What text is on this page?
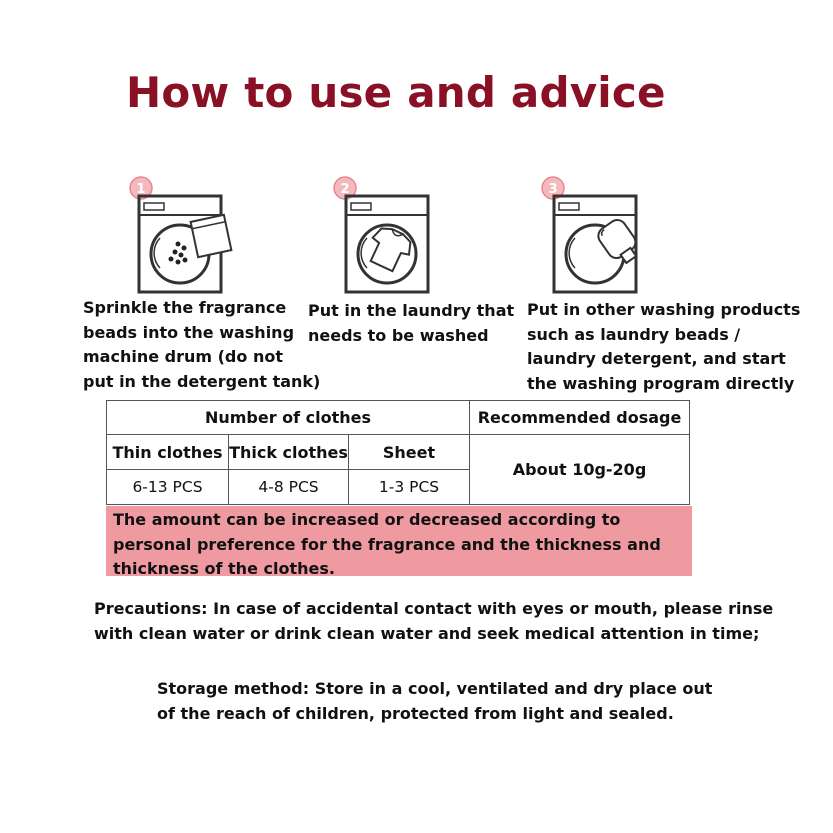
How to use and advice
1
Sprinkle the fragrance
beads into the washing
machine drum (do not
put in the detergent tank)
2
Put in the laundry that
needs to be washed
3
Put in other washing products
such as laundry beads /
laundry detergent, and start
the washing program directly
Number of clothes			Recommended dosage
Thin clothes	Thick clothes	Sheet	About 10g-20g
6-13 PCS	4-8 PCS	1-3 PCS	
The amount can be increased or decreased according to personal preference for the fragrance and the thickness and thickness of the clothes.
Precautions: In case of accidental contact with eyes or mouth, please rinse with clean water or drink clean water and seek medical attention in time;
Storage method: Store in a cool, ventilated and dry place out of the reach of children, protected from light and sealed.
